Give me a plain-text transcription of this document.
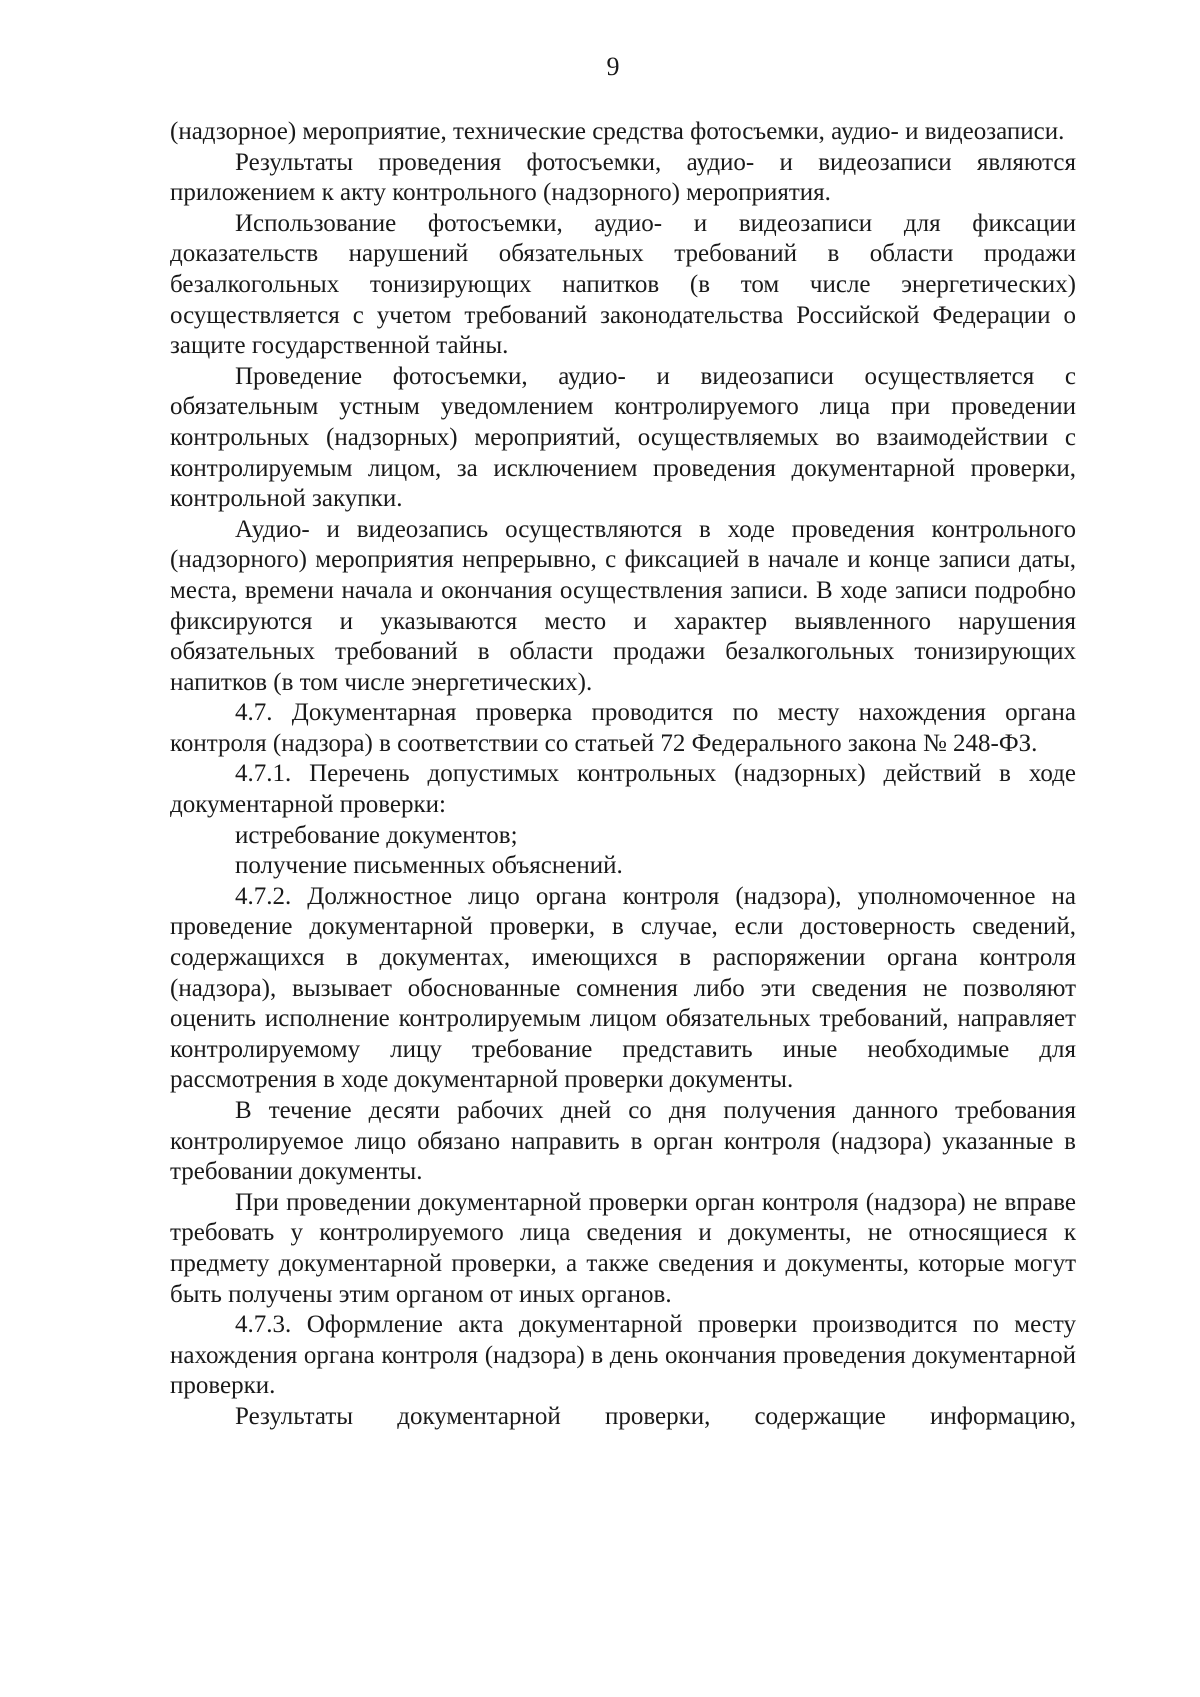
9

(надзорное) мероприятие, технические средства фотосъемки, аудио- и видеозаписи.

Результаты проведения фотосъемки, аудио- и видеозаписи являются приложением к акту контрольного (надзорного) мероприятия.

Использование фотосъемки, аудио- и видеозаписи для фиксации доказательств нарушений обязательных требований в области продажи безалкогольных тонизирующих напитков (в том числе энергетических) осуществляется с учетом требований законодательства Российской Федерации о защите государственной тайны.

Проведение фотосъемки, аудио- и видеозаписи осуществляется с обязательным устным уведомлением контролируемого лица при проведении контрольных (надзорных) мероприятий, осуществляемых во взаимодействии с контролируемым лицом, за исключением проведения документарной проверки, контрольной закупки.

Аудио- и видеозапись осуществляются в ходе проведения контрольного (надзорного) мероприятия непрерывно, с фиксацией в начале и конце записи даты, места, времени начала и окончания осуществления записи. В ходе записи подробно фиксируются и указываются место и характер выявленного нарушения обязательных требований в области продажи безалкогольных тонизирующих напитков (в том числе энергетических).

4.7. Документарная проверка проводится по месту нахождения органа контроля (надзора) в соответствии со статьей 72 Федерального закона № 248-ФЗ.

4.7.1. Перечень допустимых контрольных (надзорных) действий в ходе документарной проверки:

истребование документов;

получение письменных объяснений.

4.7.2. Должностное лицо органа контроля (надзора), уполномоченное на проведение документарной проверки, в случае, если достоверность сведений, содержащихся в документах, имеющихся в распоряжении органа контроля (надзора), вызывает обоснованные сомнения либо эти сведения не позволяют оценить исполнение контролируемым лицом обязательных требований, направляет контролируемому лицу требование представить иные необходимые для рассмотрения в ходе документарной проверки документы.

В течение десяти рабочих дней со дня получения данного требования контролируемое лицо обязано направить в орган контроля (надзора) указанные в требовании документы.

При проведении документарной проверки орган контроля (надзора) не вправе требовать у контролируемого лица сведения и документы, не относящиеся к предмету документарной проверки, а также сведения и документы, которые могут быть получены этим органом от иных органов.

4.7.3. Оформление акта документарной проверки производится по месту нахождения органа контроля (надзора) в день окончания проведения документарной проверки.

Результаты документарной проверки, содержащие информацию,
